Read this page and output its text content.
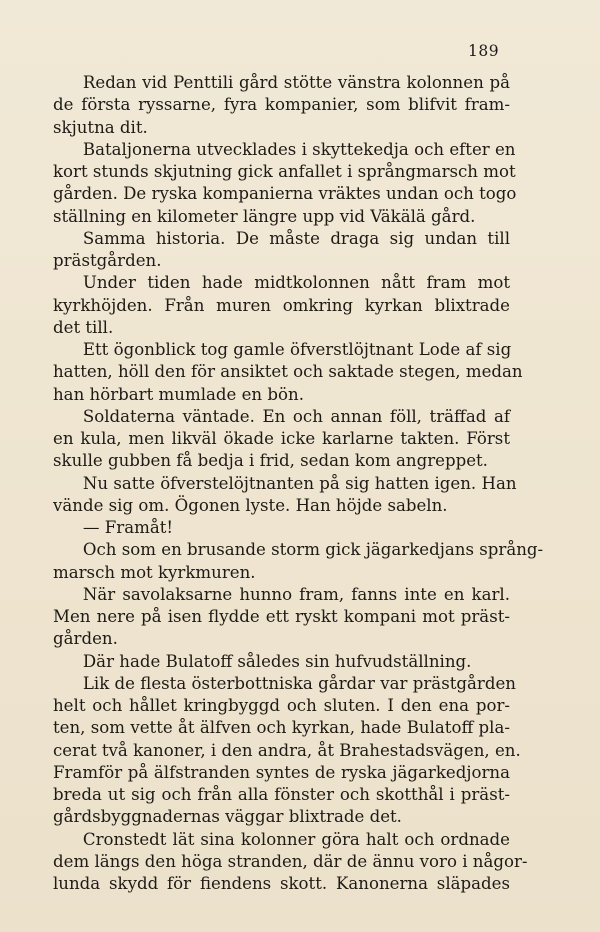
189
Redan vid Penttili gård stötte vänstra kolonnen på
de första ryssarne, fyra kompanier, som blifvit fram-
skjutna dit.
Bataljonerna utvecklades i skyttekedja och efter en
kort stunds skjutning gick anfallet i språngmarsch mot
gården. De ryska kompanierna vräktes undan och togo
ställning en kilometer längre upp vid Väkälä gård.
Samma historia. De måste draga sig undan till
prästgården.
Under tiden hade midtkolonnen nått fram mot
kyrkhöjden. Från muren omkring kyrkan blixtrade
det till.
Ett ögonblick tog gamle öfverstlöjtnant Lode af sig
hatten, höll den för ansiktet och saktade stegen, medan
han hörbart mumlade en bön.
Soldaterna väntade. En och annan föll, träffad af
en kula, men likväl ökade icke karlarne takten. Först
skulle gubben få bedja i frid, sedan kom angreppet.
Nu satte öfverstelöjtnanten på sig hatten igen. Han
vände sig om. Ögonen lyste. Han höjde sabeln.
— Framåt!
Och som en brusande storm gick jägarkedjans språng-
marsch mot kyrkmuren.
När savolaksarne hunno fram, fanns inte en karl.
Men nere på isen flydde ett ryskt kompani mot präst-
gården.
Där hade Bulatoff således sin hufvudställning.
Lik de flesta österbottniska gårdar var prästgården
helt och hållet kringbyggd och sluten. I den ena por-
ten, som vette åt älfven och kyrkan, hade Bulatoff pla-
cerat två kanoner, i den andra, åt Brahestadsvägen, en.
Framför på älfstranden syntes de ryska jägarkedjorna
breda ut sig och från alla fönster och skotthål i präst-
gårdsbyggnadernas väggar blixtrade det.
Cronstedt lät sina kolonner göra halt och ordnade
dem längs den höga stranden, där de ännu voro i någor-
lunda skydd för fiendens skott. Kanonerna släpades
